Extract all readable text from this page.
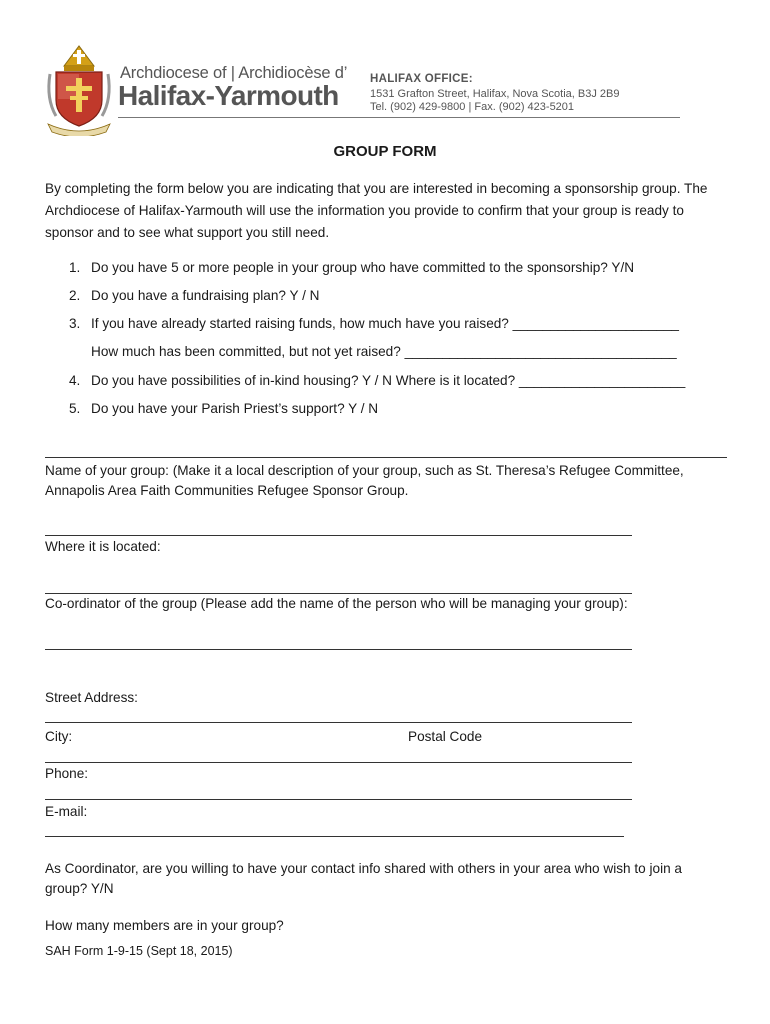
Archdiocese of | Archidiocèse d’
Halifax-Yarmouth
HALIFAX OFFICE:
1531 Grafton Street, Halifax, Nova Scotia, B3J 2B9
Tel. (902) 429-9800 | Fax. (902) 423-5201
GROUP FORM
By completing the form below you are indicating that you are interested in becoming a sponsorship group. The Archdiocese of Halifax-Yarmouth will use the information you provide to confirm that your group is ready to sponsor and to see what support you still need.
1. Do you have 5 or more people in your group who have committed to the sponsorship? Y/N
2. Do you have a fundraising plan? Y / N
3. If you have already started raising funds, how much have you raised? ______________________
How much has been committed, but not yet raised? ____________________________________
4. Do you have possibilities of in-kind housing? Y / N Where is it located? ______________________
5. Do you have your Parish Priest’s support? Y / N
Name of your group: (Make it a local description of your group, such as St. Theresa’s Refugee Committee, Annapolis Area Faith Communities Refugee Sponsor Group.
Where it is located:
Co-ordinator of the group (Please add the name of the person who will be managing your group):
Street Address:
City:	Postal Code
Phone:
E-mail:
As Coordinator, are you willing to have your contact info shared with others in your area who wish to join a group? Y/N
How many members are in your group?
SAH Form 1-9-15 (Sept 18, 2015)
